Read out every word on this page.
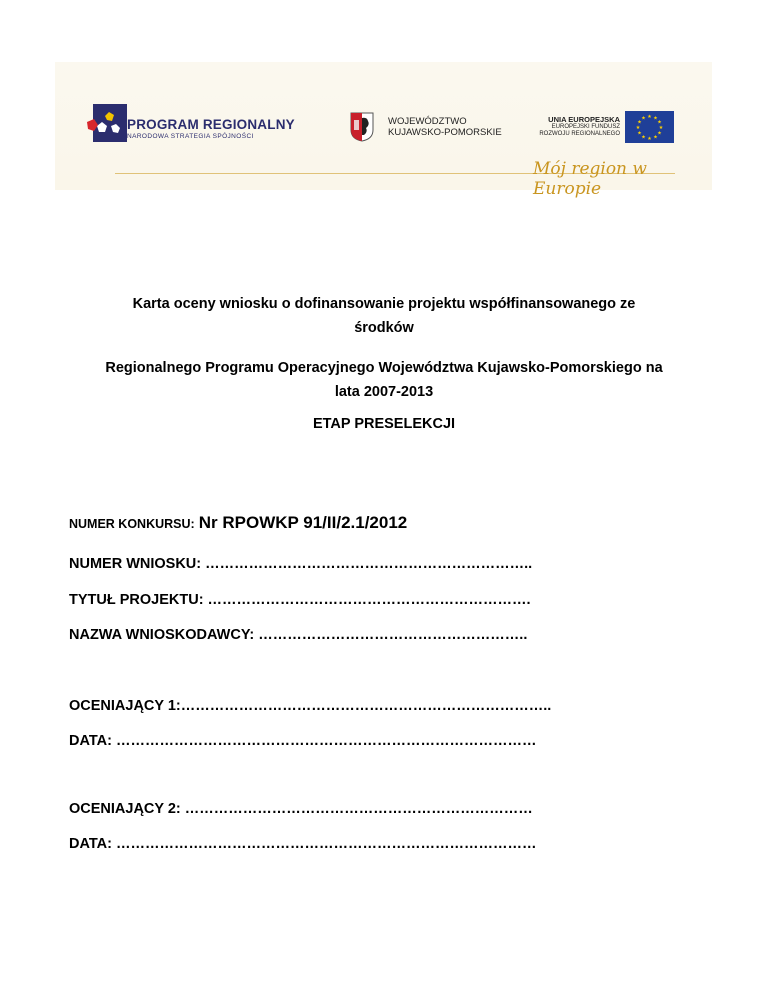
PROGRAM REGIONALNY
NARODOWA STRATEGIA SPÓJNOŚCI
WOJEWÓDZTWO
KUJAWSKO-POMORSKIE
UNIA EUROPEJSKA
EUROPEJSKI FUNDUSZ
ROZWOJU REGIONALNEGO
★ ★
★
★
★
★
★
★
★
★
★
★
Mój region w Europie
Karta oceny wniosku o dofinansowanie projektu współfinansowanego ze
środków
Regionalnego Programu Operacyjnego Województwa Kujawsko-Pomorskiego na
lata 2007-2013
ETAP PRESELEKCJI
NUMER KONKURSU: Nr RPOWKP 91/II/2.1/2012
NUMER WNIOSKU: …………………………………………………………..
TYTUŁ PROJEKTU: ………………………………………………………….
NAZWA WNIOSKODAWCY: ………………………………………………..
OCENIAJĄCY 1:…………………………………………………………………..
DATA: ……………………………………………………………………………
OCENIAJĄCY 2: ………………………………………………………………
DATA: ……………………………………………………………………………
